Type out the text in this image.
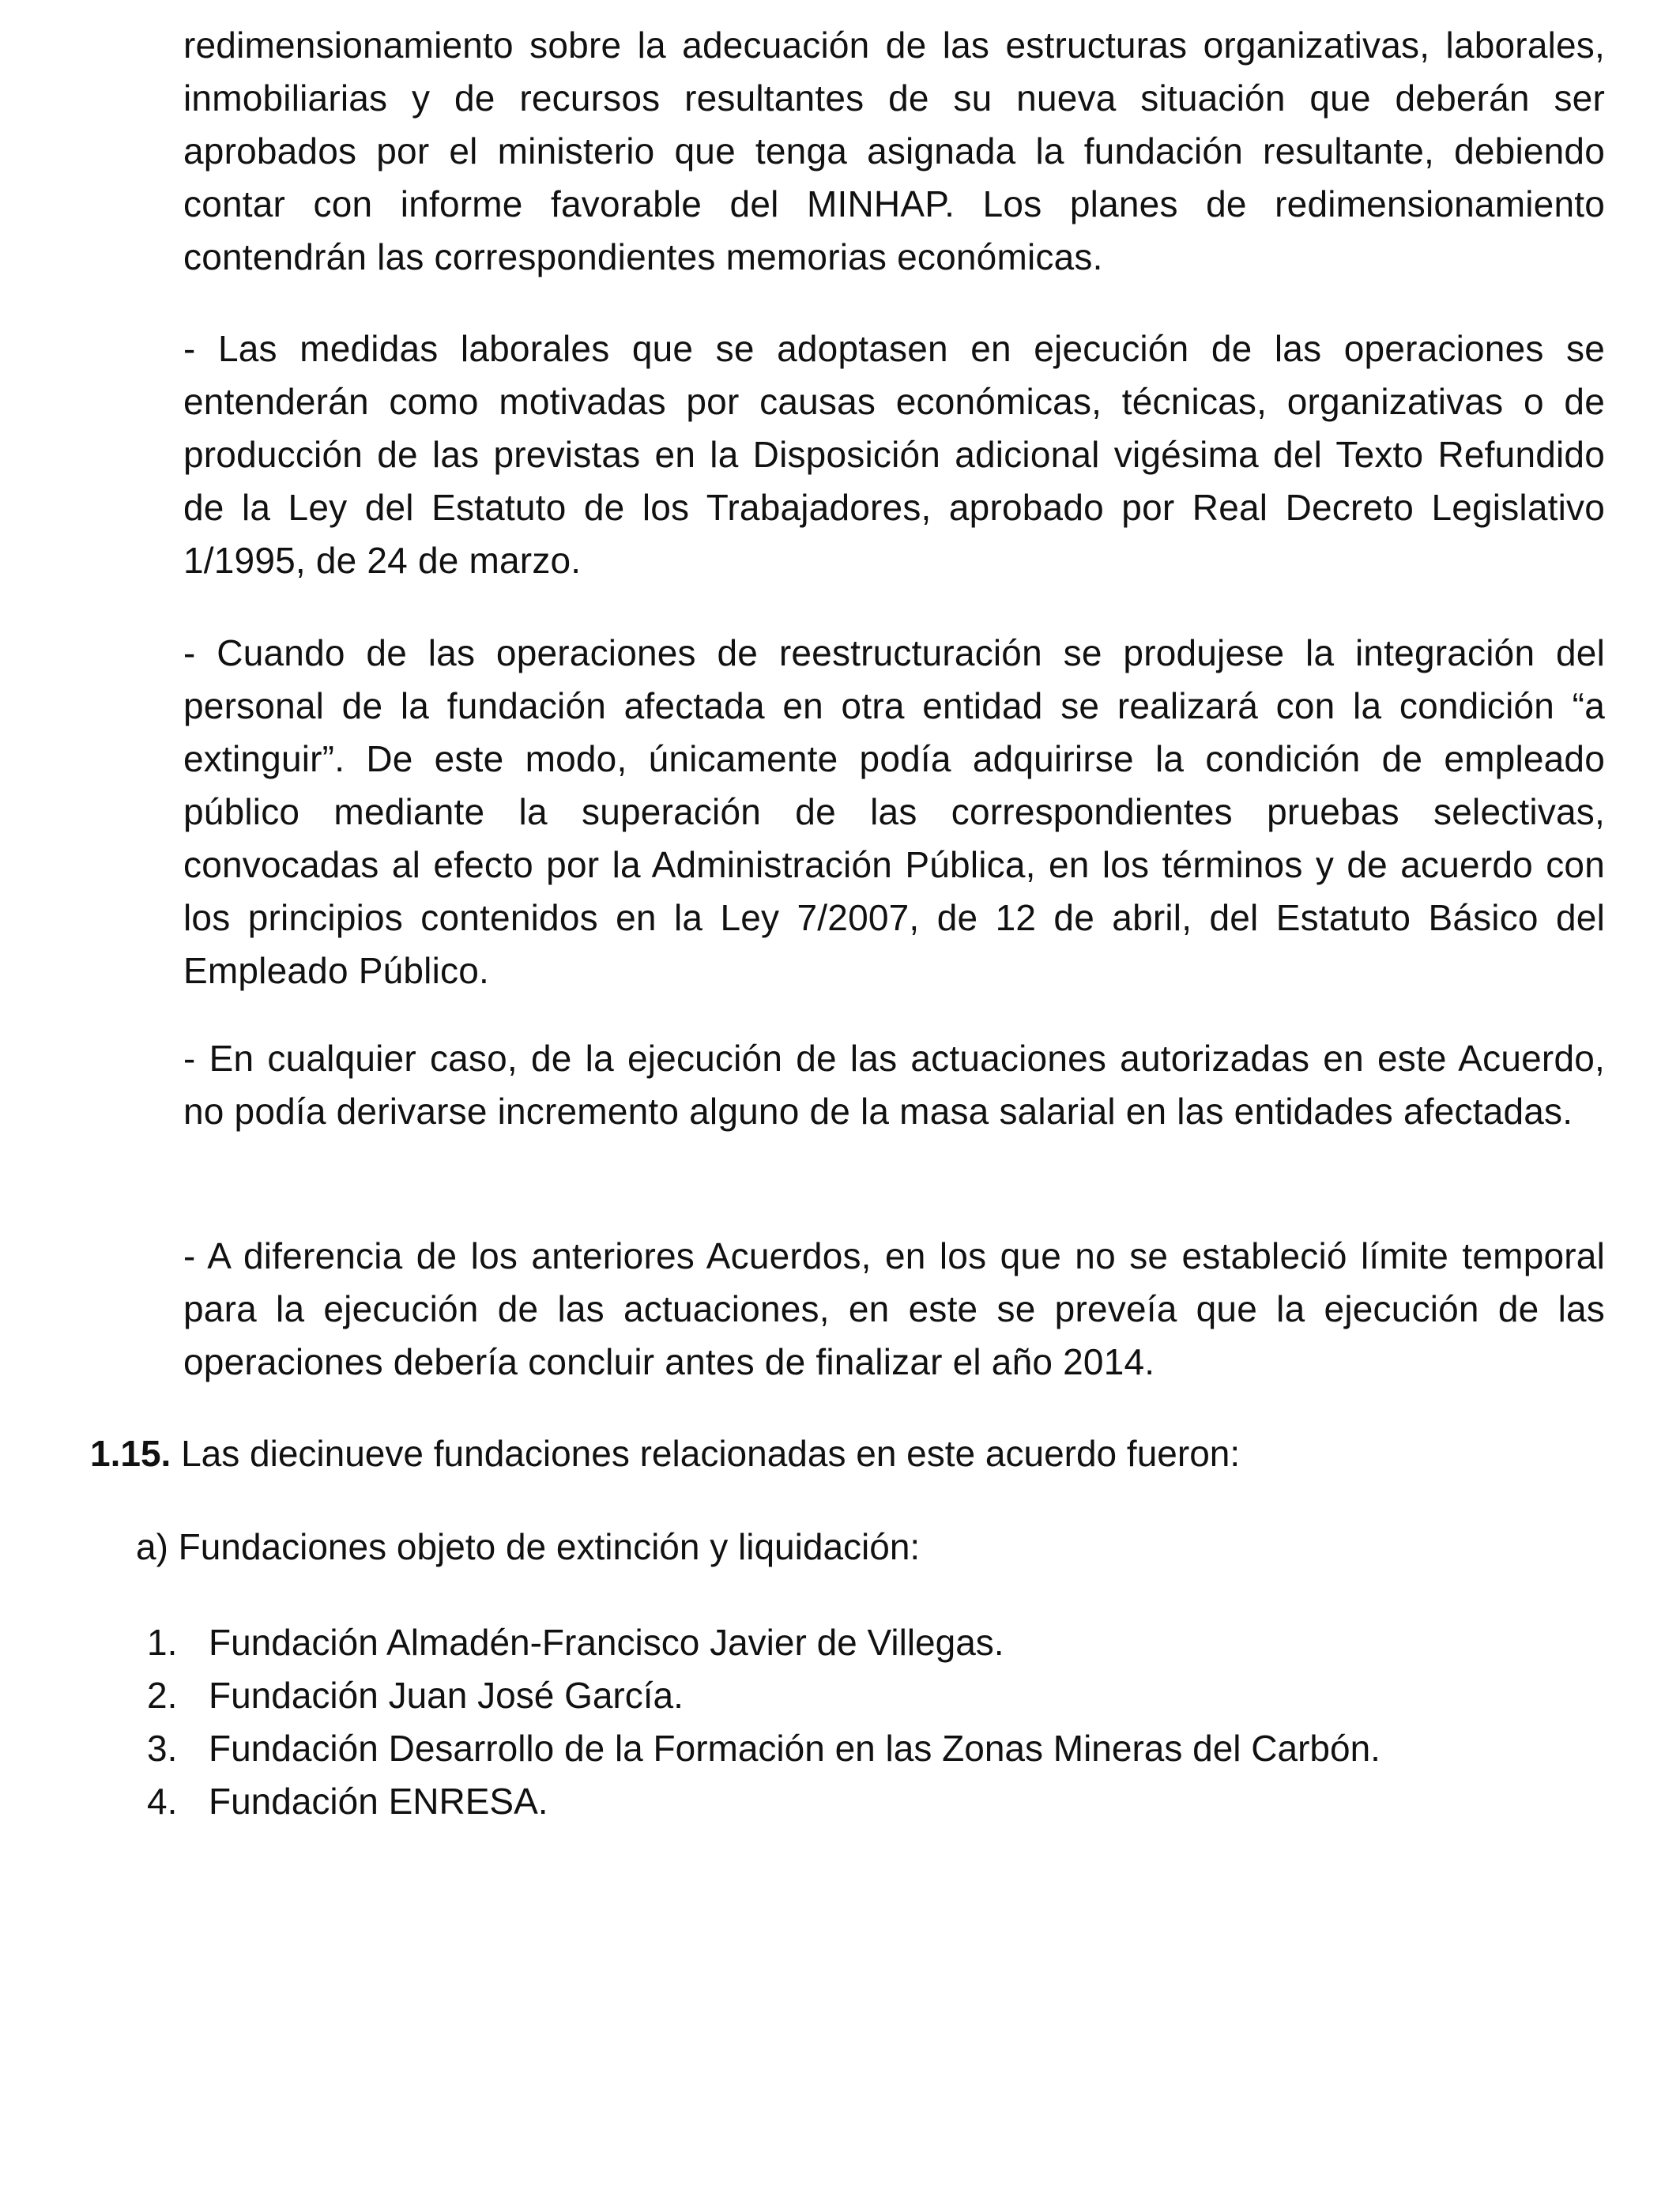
redimensionamiento sobre la adecuación de las estructuras organizativas, laborales, inmobiliarias y de recursos resultantes de su nueva situación que deberán ser aprobados por el ministerio que tenga asignada la fundación resultante, debiendo contar con informe favorable del MINHAP. Los planes de redimensionamiento contendrán las correspondientes memorias económicas.

- Las medidas laborales que se adoptasen en ejecución de las operaciones se entenderán como motivadas por causas económicas, técnicas, organizativas o de producción de las previstas en la Disposición adicional vigésima del Texto Refundido de la Ley del Estatuto de los Trabajadores, aprobado por Real Decreto Legislativo 1/1995, de 24 de marzo.

- Cuando de las operaciones de reestructuración se produjese la integración del personal de la fundación afectada en otra entidad se realizará con la condición “a extinguir”. De este modo, únicamente podía adquirirse la condición de empleado público mediante la superación de las correspondientes pruebas selectivas, convocadas al efecto por la Administración Pública, en los términos y de acuerdo con los principios contenidos en la Ley 7/2007, de 12 de abril, del Estatuto Básico del Empleado Público.

- En cualquier caso, de la ejecución de las actuaciones autorizadas en este Acuerdo, no podía derivarse incremento alguno de la masa salarial en las entidades afectadas.

- A diferencia de los anteriores Acuerdos, en los que no se estableció límite temporal para la ejecución de las actuaciones, en este se preveía que la ejecución de las operaciones debería concluir antes de finalizar el año 2014.

1.15. Las diecinueve fundaciones relacionadas en este acuerdo fueron:

a) Fundaciones objeto de extinción y liquidación:

1. Fundación Almadén-Francisco Javier de Villegas.
2. Fundación Juan José García.
3. Fundación Desarrollo de la Formación en las Zonas Mineras del Carbón.
4. Fundación ENRESA.
